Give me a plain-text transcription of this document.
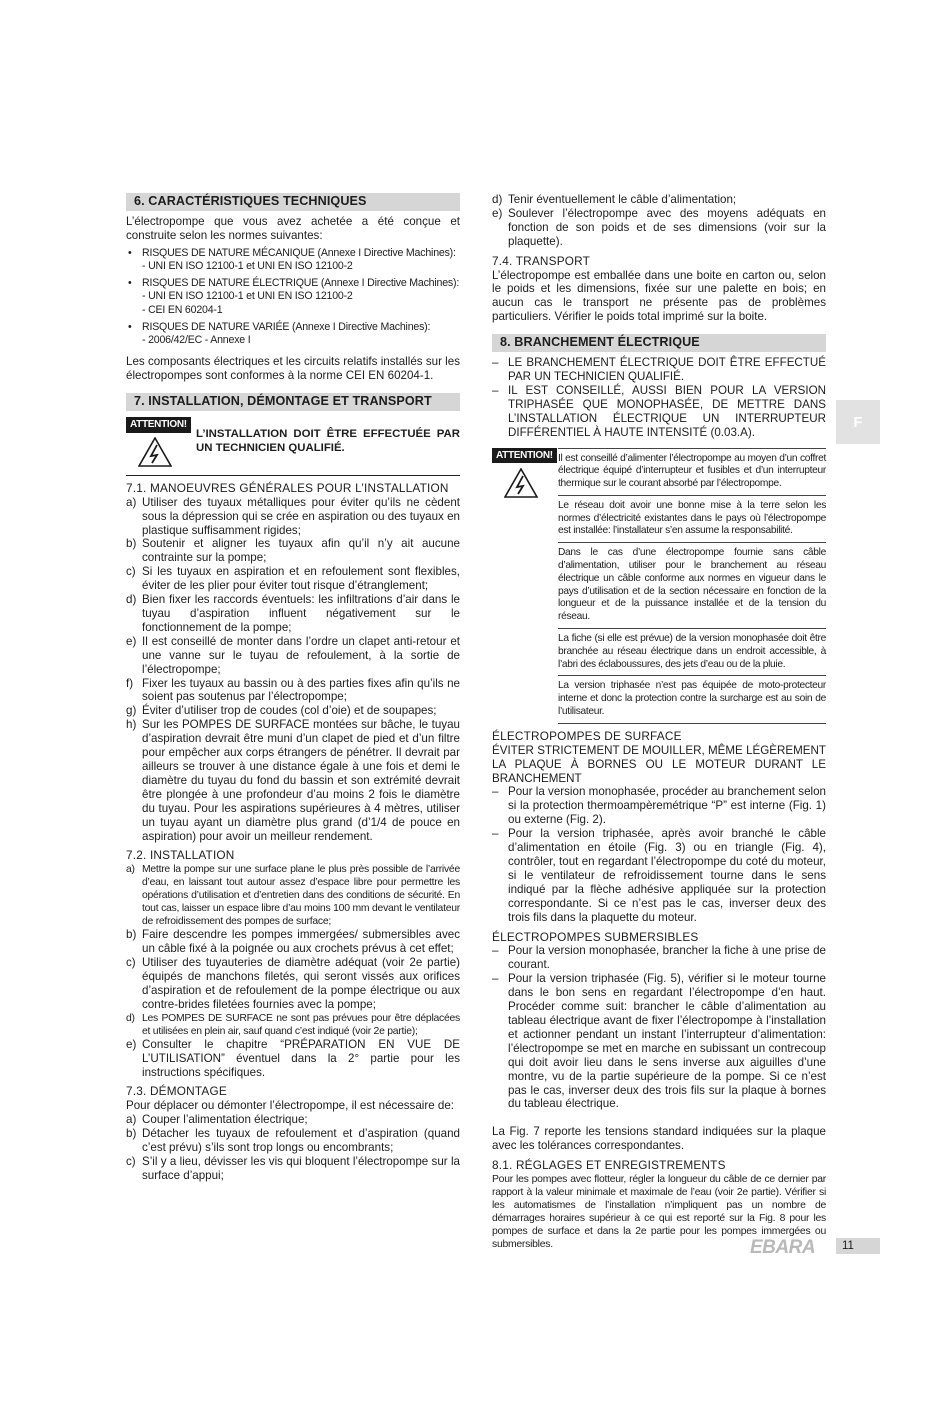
6. CARACTÉRISTIQUES TECHNIQUES

L’électropompe que vous avez achetée a été conçue et construite selon les normes suivantes:

• RISQUES DE NATURE MÉCANIQUE (Annexe I Directive Machines):
- UNI EN ISO 12100-1 et UNI EN ISO 12100-2
• RISQUES DE NATURE ÉLECTRIQUE (Annexe I Directive Machines):
- UNI EN ISO 12100-1 et UNI EN ISO 12100-2
- CEI EN 60204-1
• RISQUES DE NATURE VARIÉE (Annexe I Directive Machines):
- 2006/42/EC - Annexe I

Les composants électriques et les circuits relatifs installés sur les électropompes sont conformes à la norme CEI EN 60204-1.

7. INSTALLATION, DÉMONTAGE ET TRANSPORT
ATTENTION!
L’INSTALLATION DOIT ÊTRE EFFECTUÉE PAR UN TECHNICIEN QUALIFIÉ.
7.1. MANOEUVRES GÉNÉRALES POUR L’INSTALLATION
a) Utiliser des tuyaux métalliques pour éviter qu’ils ne cèdent sous la dépression qui se crée en aspiration ou des tuyaux en plastique suffisamment rigides;
b) Soutenir et aligner les tuyaux afin qu’il n’y ait aucune contrainte sur la pompe;
c) Si les tuyaux en aspiration et en refoulement sont flexibles, éviter de les plier pour éviter tout risque d’étranglement;
d) Bien fixer les raccords éventuels: les infiltrations d’air dans le tuyau d’aspiration influent négativement sur le fonctionnement de la pompe;
e) Il est conseillé de monter dans l’ordre un clapet anti-retour et une vanne sur le tuyau de refoulement, à la sortie de l’électropompe;
f) Fixer les tuyaux au bassin ou à des parties fixes afin qu’ils ne soient pas soutenus par l’électropompe;
g) Éviter d’utiliser trop de coudes (col d’oie) et de soupapes;
h) Sur les POMPES DE SURFACE montées sur bâche, le tuyau d’aspiration devrait être muni d’un clapet de pied et d’un filtre pour empêcher aux corps étrangers de pénétrer. Il devrait par ailleurs se trouver à une distance égale à une fois et demi le diamètre du tuyau du fond du bassin et son extrémité devrait être plongée à une profondeur d’au moins 2 fois le diamètre du tuyau. Pour les aspirations supérieures à 4 mètres, utiliser un tuyau ayant un diamètre plus grand (d’1/4 de pouce en aspiration) pour avoir un meilleur rendement.
7.2. INSTALLATION
a) Mettre la pompe sur une surface plane le plus près possible de l’arrivée d’eau, en laissant tout autour assez d’espace libre pour permettre les opérations d’utilisation et d’entretien dans des conditions de sécurité. En tout cas, laisser un espace libre d’au moins 100 mm devant le ventilateur de refroidissement des pompes de surface;
b) Faire descendre les pompes immergées/ submersibles avec un câble fixé à la poignée ou aux crochets prévus à cet effet;
c) Utiliser des tuyauteries de diamètre adéquat (voir 2e partie) équipés de manchons filetés, qui seront vissés aux orifices d’aspiration et de refoulement de la pompe électrique ou aux contre-brides filetées fournies avec la pompe;
d) Les POMPES DE SURFACE ne sont pas prévues pour être déplacées et utilisées en plein air, sauf quand c’est indiqué (voir 2e partie);
e) Consulter le chapitre “PRÉPARATION EN VUE DE L’UTILISATION” éventuel dans la 2° partie pour les instructions spécifiques.
7.3. DÉMONTAGE

Pour déplacer ou démonter l’électropompe, il est nécessaire de:

a) Couper l’alimentation électrique;
b) Détacher les tuyaux de refoulement et d’aspiration (quand c’est prévu) s’ils sont trop longs ou encombrants;
c) S’il y a lieu, dévisser les vis qui bloquent l’électropompe sur la surface d’appui;
d) Tenir éventuellement le câble d’alimentation;
e) Soulever l’électropompe avec des moyens adéquats en fonction de son poids et de ses dimensions (voir sur la plaquette).
7.4. TRANSPORT

L’électropompe est emballée dans une boite en carton ou, selon le poids et les dimensions, fixée sur une palette en bois; en aucun cas le transport ne présente pas de problèmes particuliers. Vérifier le poids total imprimé sur la boite.

8. BRANCHEMENT ÉLECTRIQUE
– LE BRANCHEMENT ÉLECTRIQUE DOIT ÊTRE EFFECTUÉ PAR UN TECHNICIEN QUALIFIÉ.
– IL EST CONSEILLÉ, AUSSI BIEN POUR LA VERSION TRIPHASÉE QUE MONOPHASÉE, DE METTRE DANS L’INSTALLATION ÉLECTRIQUE UN INTERRUPTEUR DIFFÉRENTIEL À HAUTE INTENSITÉ (0.03.A).
ATTENTION! Il est conseillé d’alimenter l’électropompe au moyen d’un coffret électrique équipé d’interrupteur et fusibles et d’un interrupteur thermique sur le courant absorbé par l’électropompe.
Le réseau doit avoir une bonne mise à la terre selon les normes d’électricité existantes dans le pays où l’électropompe est installée: l’installateur s’en assume la responsabilité.
Dans le cas d’une électropompe fournie sans câble d’alimentation, utiliser pour le branchement au réseau électrique un câble conforme aux normes en vigueur dans le pays d’utilisation et de la section nécessaire en fonction de la longueur et de la puissance installée et de la tension du réseau.
La fiche (si elle est prévue) de la version monophasée doit être branchée au réseau électrique dans un endroit accessible, à l’abri des éclaboussures, des jets d’eau ou de la pluie.
La version triphasée n’est pas équipée de moto-protecteur interne et donc la protection contre la surcharge est au soin de l’utilisateur.
ÉLECTROPOMPES DE SURFACE

ÉVITER STRICTEMENT DE MOUILLER, MÊME LÉGÈREMENT LA PLAQUE À BORNES OU LE MOTEUR DURANT LE BRANCHEMENT

– Pour la version monophasée, procéder au branchement selon si la protection thermoampèremétrique “P” est interne (Fig. 1) ou externe (Fig. 2).
– Pour la version triphasée, après avoir branché le câble d’alimentation en étoile (Fig. 3) ou en triangle (Fig. 4), contrôler, tout en regardant l’électropompe du coté du moteur, si le ventilateur de refroidissement tourne dans le sens indiqué par la flèche adhésive appliquée sur la protection correspondante. Si ce n’est pas le cas, inverser deux des trois fils dans la plaquette du moteur.
ÉLECTROPOMPES SUBMERSIBLES
– Pour la version monophasée, brancher la fiche à une prise de courant.
– Pour la version triphasée (Fig. 5), vérifier si le moteur tourne dans le bon sens en regardant l’électropompe d’en haut. Procéder comme suit: brancher le câble d’alimentation au tableau électrique avant de fixer l’électropompe à l’installation et actionner pendant un instant l’interrupteur d’alimentation: l’électropompe se met en marche en subissant un contrecoup qui doit avoir lieu dans le sens inverse aux aiguilles d’une montre, vu de la partie supérieure de la pompe. Si ce n’est pas le cas, inverser deux des trois fils sur la plaque à bornes du tableau électrique.

La Fig. 7 reporte les tensions standard indiquées sur la plaque avec les tolérances correspondantes.

8.1. RÉGLAGES ET ENREGISTREMENTS

Pour les pompes avec flotteur, régler la longueur du câble de ce dernier par rapport à la valeur minimale et maximale de l’eau (voir 2e partie). Vérifier si les automatismes de l’installation n’impliquent pas un nombre de démarrages horaires supérieur à ce qui est reporté sur la Fig. 8 pour les pompes de surface et dans la 2e partie pour les pompes immergées ou submersibles.

F
EBARA	11
